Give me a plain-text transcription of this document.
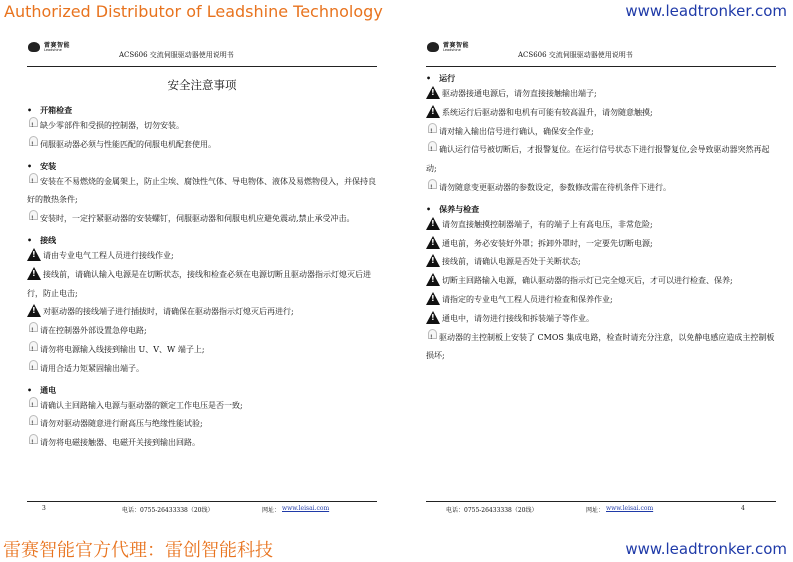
Authorized Distributor of Leadshine Technology	www.leadtronker.com
雷赛智能
Leadshine
ACS606 交流伺服驱动器使用说明书
安全注意事项
• 开箱检查
!缺少零部件和受损的控制器，切勿安装。
!伺服驱动器必须与性能匹配的伺服电机配套使用。
• 安装
!安装在不易燃烧的金属架上，防止尘埃、腐蚀性气体、导电物体、液体及易燃物侵入，并保持良好的散热条件;
!安装时，一定拧紧驱动器的安装螺钉，伺服驱动器和伺服电机应避免震动,禁止承受冲击。
• 接线
!请由专业电气工程人员进行接线作业;
!接线前，请确认输入电源是在切断状态，接线和检查必须在电源切断且驱动器指示灯熄灭后进行，防止电击;
!对驱动器的接线端子进行插拔时，请确保在驱动器指示灯熄灭后再进行;
!请在控制器外部设置急停电路;
!请勿将电源输入线接到输出 U、V、W 端子上;
!请用合适力矩紧固输出端子。
• 通电
!请确认主回路输入电源与驱动器的额定工作电压是否一致;
!请勿对驱动器随意进行耐高压与绝缘性能试验;
!请勿将电磁接触器、电磁开关接到输出回路。
3	电话：0755-26433338（20线）	网址： www.leisai.com
雷赛智能
Leadshine
ACS606 交流伺服驱动器使用说明书
• 运行
!驱动器接通电源后，请勿直接接触输出端子;
!系统运行后驱动器和电机有可能有较高温升，请勿随意触摸;
!请对输入输出信号进行确认，确保安全作业;
!确认运行信号被切断后，才报警复位。在运行信号状态下进行报警复位,会导致驱动器突然再起动;
!请勿随意变更驱动器的参数设定，参数修改需在待机条件下进行。
• 保养与检查
!请勿直接触摸控制器端子，有的端子上有高电压，非常危险;
!通电前，务必安装好外罩；拆卸外罩时，一定要先切断电源;
!接线前，请确认电源是否处于关断状态;
!切断主回路输入电源，确认驱动器的指示灯已完全熄灭后，才可以进行检查、保养;
!请指定的专业电气工程人员进行检查和保养作业;
!通电中，请勿进行接线和拆装端子等作业。
!驱动器的主控制板上安装了 CMOS 集成电路，检查时请充分注意，以免静电感应造成主控制板损坏;
电话：0755-26433338（20线）	网址： www.leisai.com	4
雷赛智能官方代理：雷创智能科技	www.leadtronker.com
